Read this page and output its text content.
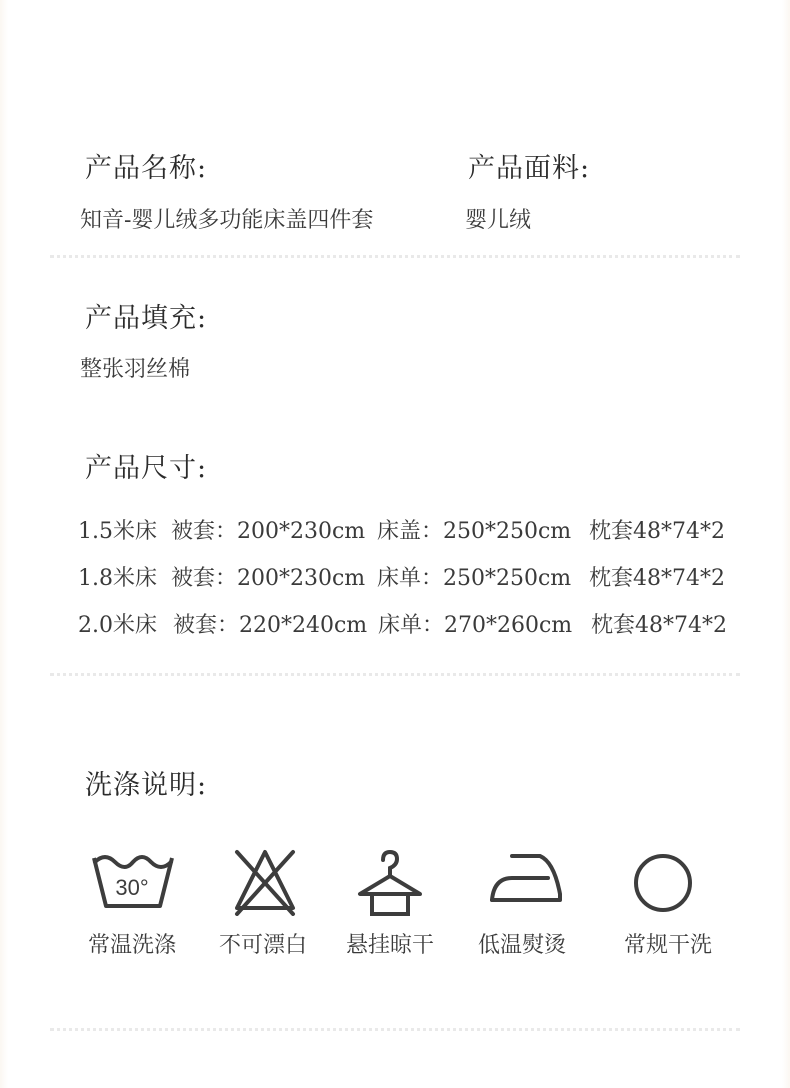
产品名称:
知音-婴儿绒多功能床盖四件套
产品面料:
婴儿绒
产品填充:
整张羽丝棉
产品尺寸:
1.5米床 被套：200*230cm 床盖：250*250cm 枕套48*74*2
1.8米床 被套：200*230cm 床单：250*250cm 枕套48*74*2
2.0米床 被套：220*240cm 床单：270*260cm 枕套48*74*2
洗涤说明:
30°
常温洗涤	不可漂白	悬挂晾干	低温熨烫	常规干洗
